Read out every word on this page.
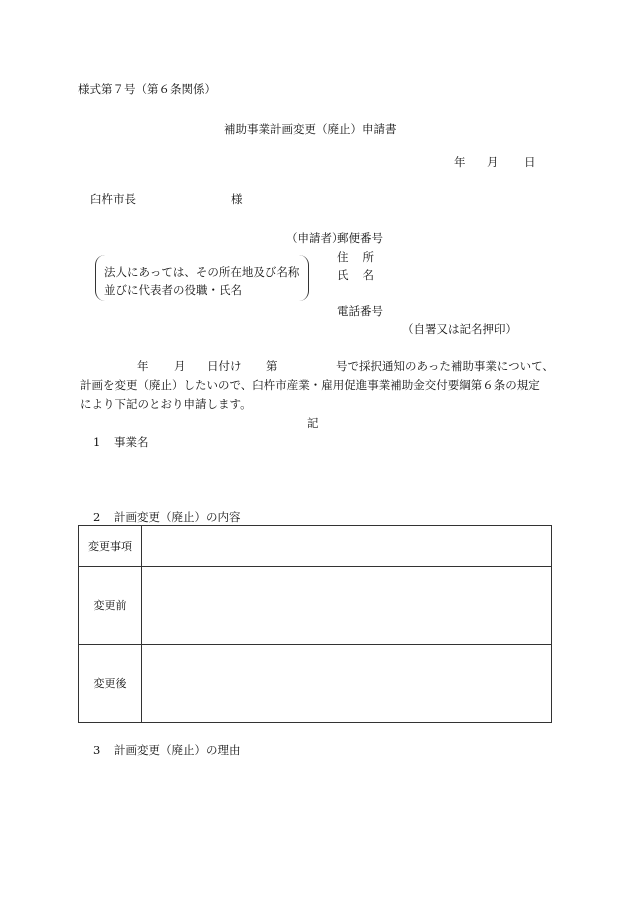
様式第７号（第６条関係）
補助事業計画変更（廃止）申請書
年 月 日
臼杵市長	様
（申請者）
郵便番号
住所
氏名
電話番号
（自署又は記名押印）
法人にあっては、その所在地及び名称
並びに代表者の役職・氏名
年 月 日付け 第	号で採択通知のあった補助事業について、
計画を変更（廃止）したいので、臼杵市産業・雇用促進事業補助金交付要綱第６条の規定
により下記のとおり申請します。
記
1 事業名
2 計画変更（廃止）の内容
変更事項	
変更前	
変更後	
3 計画変更（廃止）の理由
